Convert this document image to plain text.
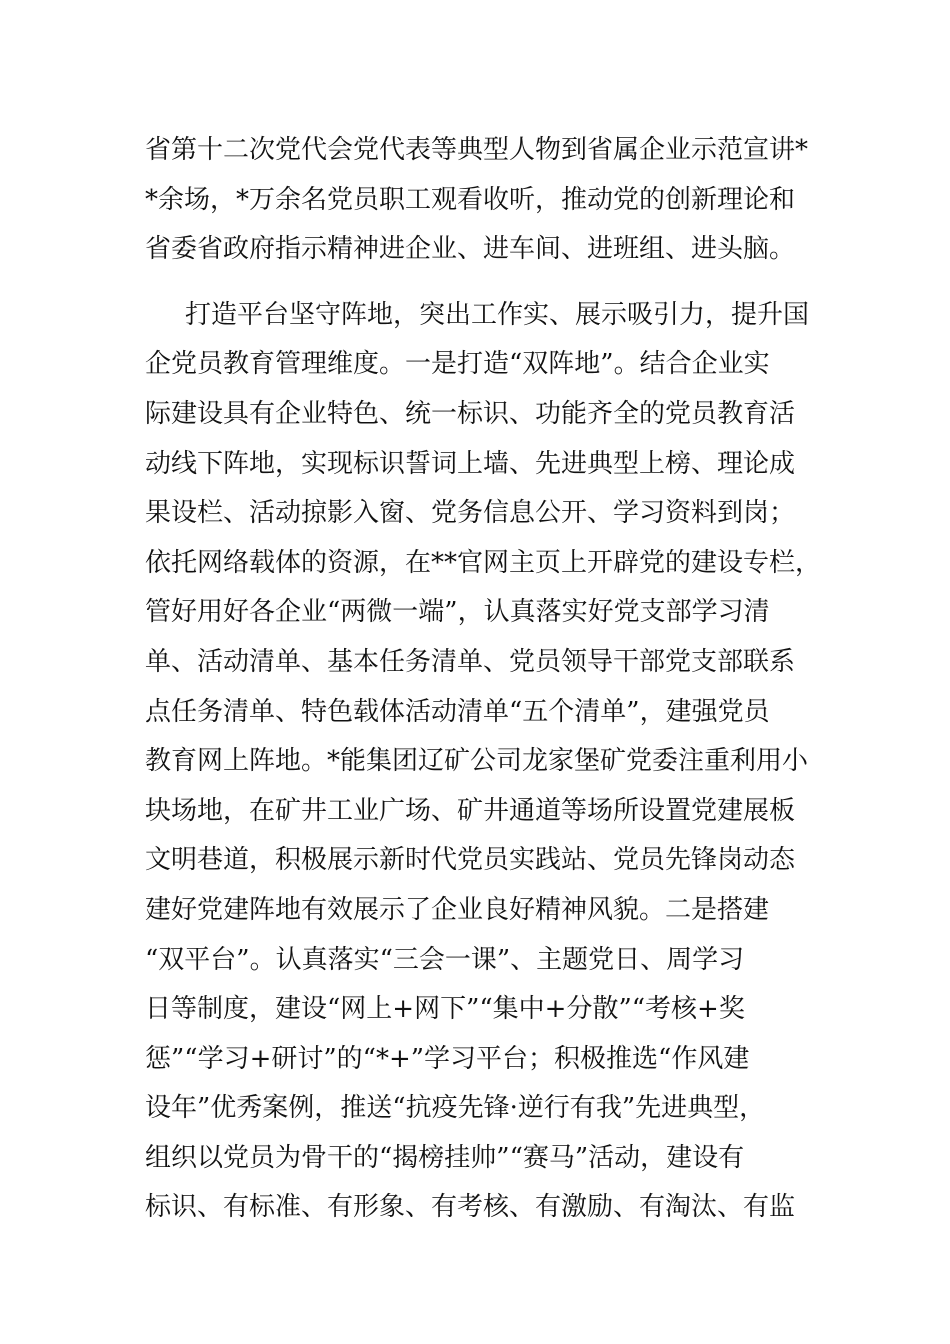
省第十二次党代会党代表等典型人物到省属企业示范宣讲*
*余场，*万余名党员职工观看收听，推动党的创新理论和
省委省政府指示精神进企业、进车间、进班组、进头脑。
打造平台坚守阵地，突出工作实、展示吸引力，提升国
企党员教育管理维度。一是打造“双阵地”。结合企业实
际建设具有企业特色、统一标识、功能齐全的党员教育活
动线下阵地，实现标识誓词上墙、先进典型上榜、理论成
果设栏、活动掠影入窗、党务信息公开、学习资料到岗；
依托网络载体的资源，在**官网主页上开辟党的建设专栏，
管好用好各企业“两微一端”，认真落实好党支部学习清
单、活动清单、基本任务清单、党员领导干部党支部联系
点任务清单、特色载体活动清单“五个清单”，建强党员
教育网上阵地。*能集团辽矿公司龙家堡矿党委注重利用小
块场地，在矿井工业广场、矿井通道等场所设置党建展板
文明巷道，积极展示新时代党员实践站、党员先锋岗动态
建好党建阵地有效展示了企业良好精神风貌。二是搭建
“双平台”。认真落实“三会一课”、主题党日、周学习
日等制度，建设“网上+网下”“集中+分散”“考核+奖
惩”“学习+研讨”的“*+”学习平台；积极推选“作风建
设年”优秀案例，推送“抗疫先锋·逆行有我”先进典型，
组织以党员为骨干的“揭榜挂帅”“赛马”活动，建设有
标识、有标准、有形象、有考核、有激励、有淘汰、有监
